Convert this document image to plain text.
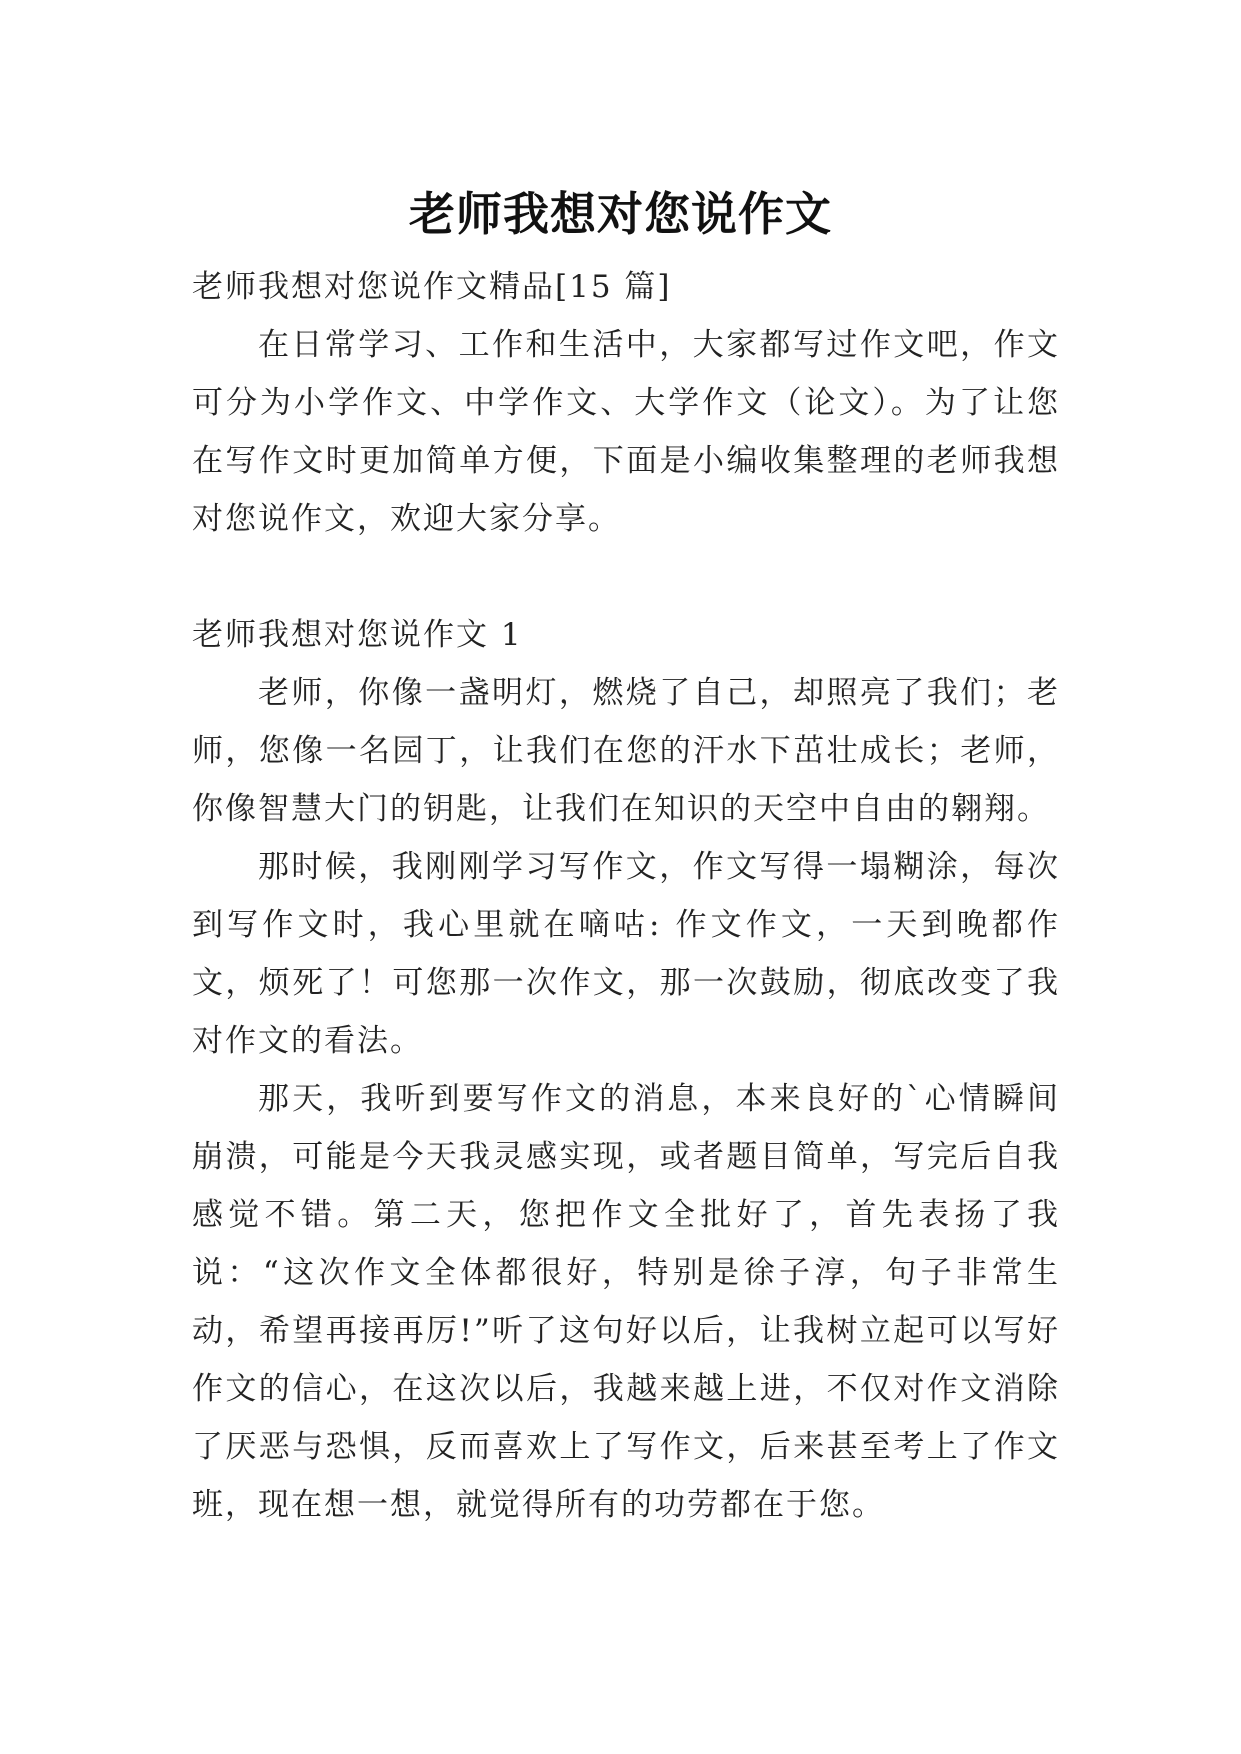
老师我想对您说作文

老师我想对您说作文精品[15 篇]

在日常学习、工作和生活中，大家都写过作文吧，作文可分为小学作文、中学作文、大学作文（论文）。为了让您在写作文时更加简单方便，下面是小编收集整理的老师我想对您说作文，欢迎大家分享。

老师我想对您说作文 1

老师，你像一盏明灯，燃烧了自己，却照亮了我们；老师，您像一名园丁，让我们在您的汗水下茁壮成长；老师，你像智慧大门的钥匙，让我们在知识的天空中自由的翱翔。

那时候，我刚刚学习写作文，作文写得一塌糊涂，每次到写作文时，我心里就在嘀咕: 作文作文，一天到晚都作文，烦死了！可您那一次作文，那一次鼓励，彻底改变了我对作文的看法。

那天，我听到要写作文的消息，本来良好的`心情瞬间崩溃，可能是今天我灵感实现，或者题目简单，写完后自我感觉不错。第二天，您把作文全批好了，首先表扬了我说：“这次作文全体都很好，特别是徐子淳，句子非常生动，希望再接再厉!”听了这句好以后，让我树立起可以写好作文的信心，在这次以后，我越来越上进，不仅对作文消除了厌恶与恐惧，反而喜欢上了写作文，后来甚至考上了作文班，现在想一想，就觉得所有的功劳都在于您。
